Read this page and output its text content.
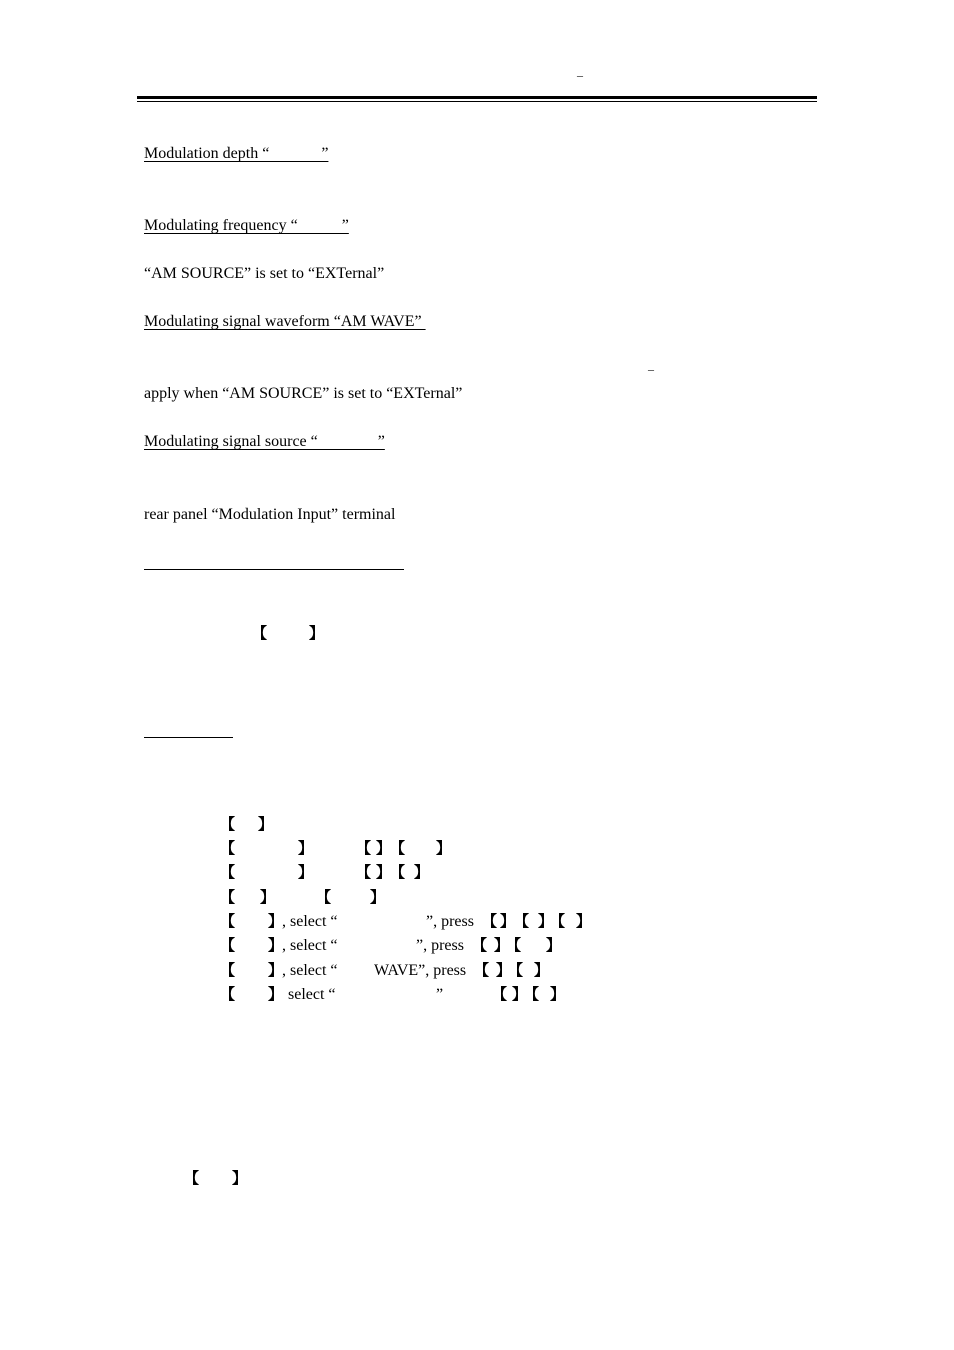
–
Modulation depth “             ”
Modulating frequency “           ”
“AM SOURCE” is set to “EXTernal”
Modulating signal waveform “AM WAVE”
–
apply when “AM SOURCE” is set to “EXTernal”
Modulating signal source “               ”
rear panel “Modulation Input” terminal
【	】
【 】
【	】	【 】
【 】
【	】	【 】
【 】
【 】	【	】
【 】
, select “	”, press 【 】
【 】
【 】
【 】
, select “	”, press 【 】
【 】
【 】
, select “ WAVE”, press 【 】
【 】
【 】 select “	”	【 】
【 】
【 】
